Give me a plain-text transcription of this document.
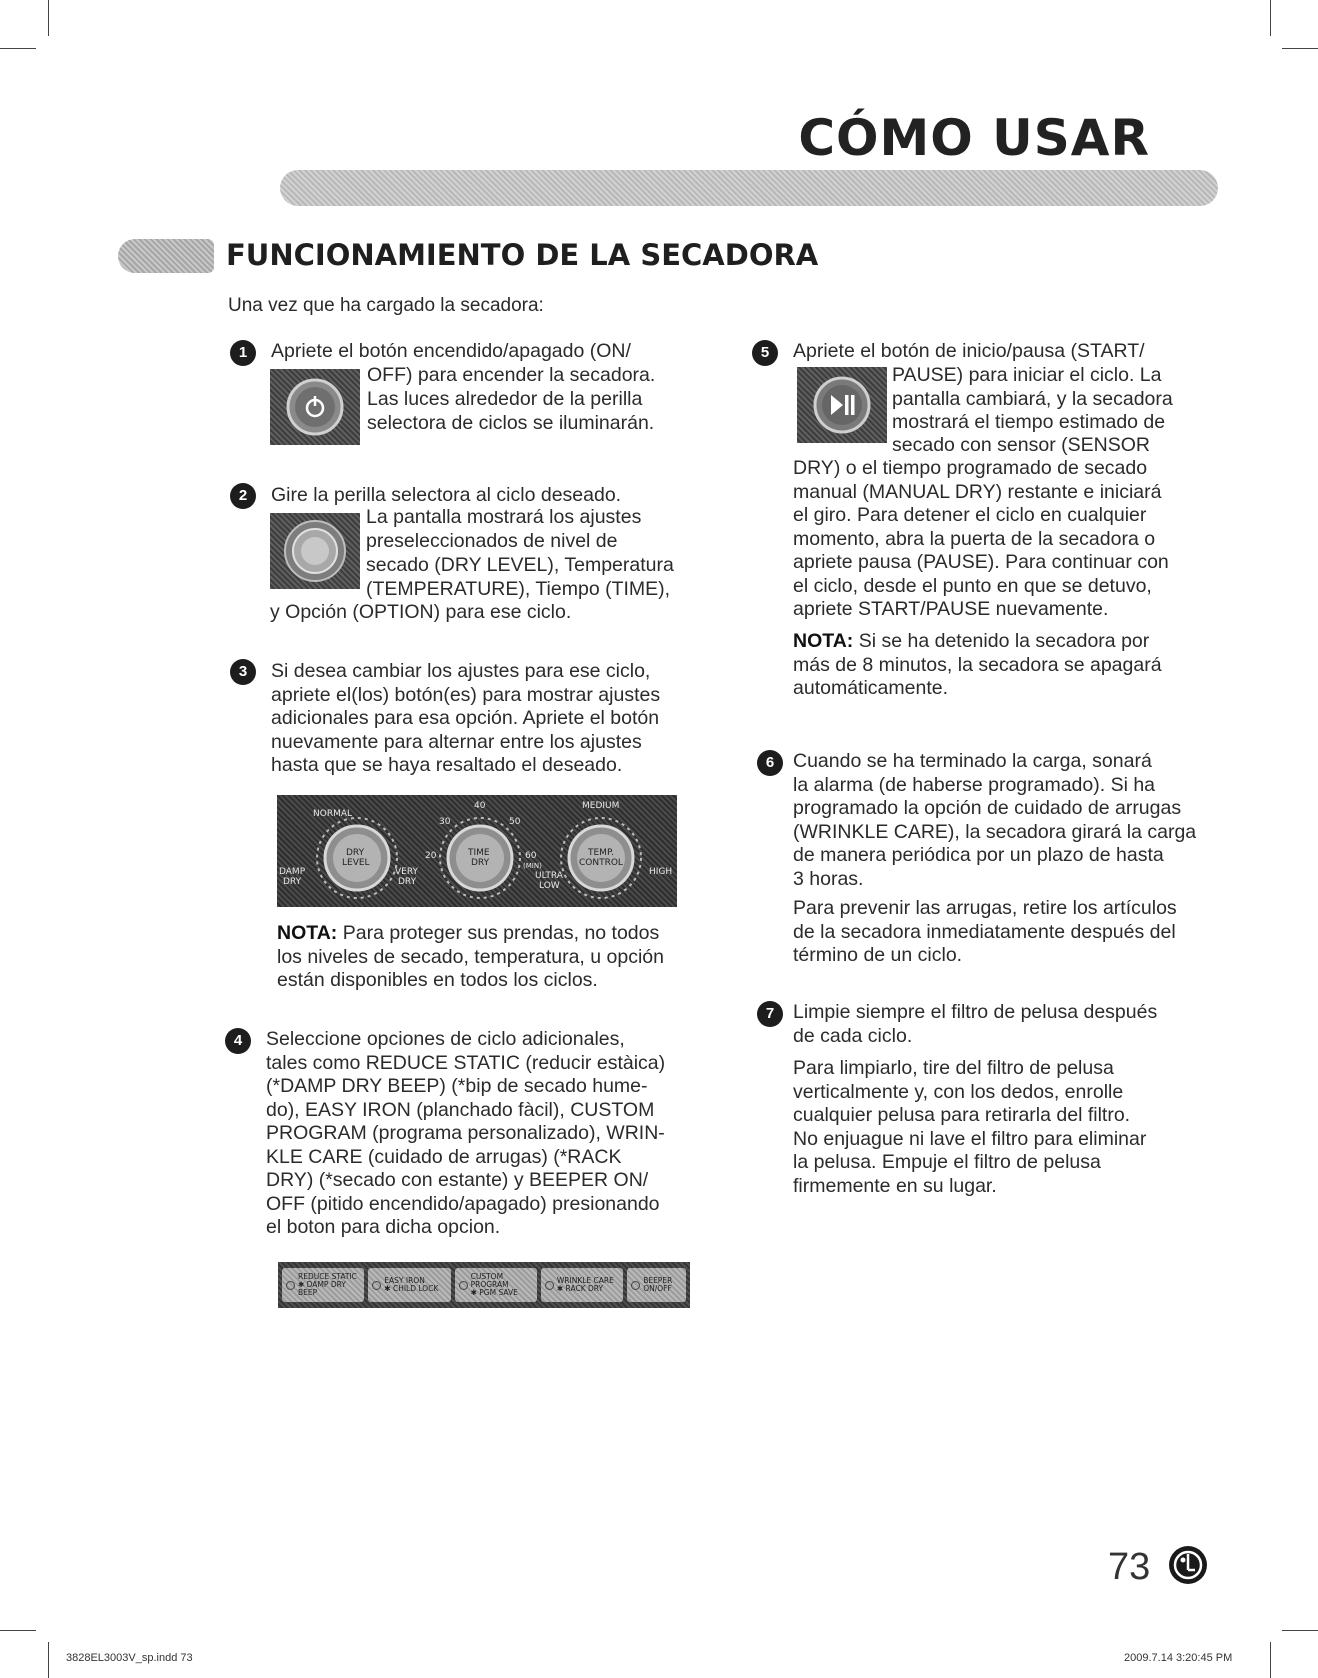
CÓMO USAR
FUNCIONAMIENTO DE LA SECADORA

Una vez que ha cargado la secadora:

1	Apriete el botón encendido/apagado (ON/

OFF) para encender la secadora.

Las luces alrededor de la perilla

selectora de ciclos se iluminarán.

2	Gire la perilla selectora al ciclo deseado.

La pantalla mostrará los ajustes

preseleccionados de nivel de

secado (DRY LEVEL), Temperatura

(TEMPERATURE), Tiempo (TIME),

y Opción (OPTION) para ese ciclo.

3	Si desea cambiar los ajustes para ese ciclo,

apriete el(los) botón(es) para mostrar ajustes

adicionales para esa opción. Apriete el botón

nuevamente para alternar entre los ajustes

hasta que se haya resaltado el deseado.

NORMAL
DAMP
DRY
VERY
DRY
DRY
LEVEL
40
30	50
20	60
(MIN)
TIME
DRY
MEDIUM
ULTRA
LOW
HIGH
TEMP.
CONTROL

NOTA: Para proteger sus prendas, no todos

los niveles de secado, temperatura, u opción

están disponibles en todos los ciclos.

4	Seleccione opciones de ciclo adicionales,

tales como REDUCE STATIC (reducir estàica)

(*DAMP DRY BEEP) (*bip de secado hume-

do), EASY IRON (planchado fàcil), CUSTOM

PROGRAM (programa personalizado), WRIN-

KLE CARE (cuidado de arrugas) (*RACK

DRY) (*secado con estante) y BEEPER ON/

OFF (pitido encendido/apagado) presionando

el boton para dicha opcion.

REDUCE STATIC
✱ DAMP DRY BEEP
EASY IRON
✱ CHILD LOCK
CUSTOM
PROGRAM
✱ PGM SAVE
WRINKLE CARE
✱ RACK DRY
BEEPER
ON/OFF
5	Apriete el botón de inicio/pausa (START/

PAUSE) para iniciar el ciclo. La

pantalla cambiará, y la secadora

mostrará el tiempo estimado de

secado con sensor (SENSOR

DRY) o el tiempo programado de secado

manual (MANUAL DRY) restante e iniciará

el giro. Para detener el ciclo en cualquier

momento, abra la puerta de la secadora o

apriete pausa (PAUSE). Para continuar con

el ciclo, desde el punto en que se detuvo,

apriete START/PAUSE nuevamente.

NOTA: Si se ha detenido la secadora por

más de 8 minutos, la secadora se apagará

automáticamente.

6 Cuando se ha terminado la carga, sonará

la alarma (de haberse programado). Si ha

programado la opción de cuidado de arrugas

(WRINKLE CARE), la secadora girará la carga

de manera periódica por un plazo de hasta

3 horas.

Para prevenir las arrugas, retire los artículos

de la secadora inmediatamente después del

término de un ciclo.

7 Limpie siempre el filtro de pelusa después

de cada ciclo.

Para limpiarlo, tire del filtro de pelusa

verticalmente y, con los dedos, enrolle

cualquier pelusa para retirarla del filtro.

No enjuague ni lave el filtro para eliminar

la pelusa. Empuje el filtro de pelusa

firmemente en su lugar.

73

3828EL3003V_sp.indd 73	2009.7.14 3:20:45 PM
